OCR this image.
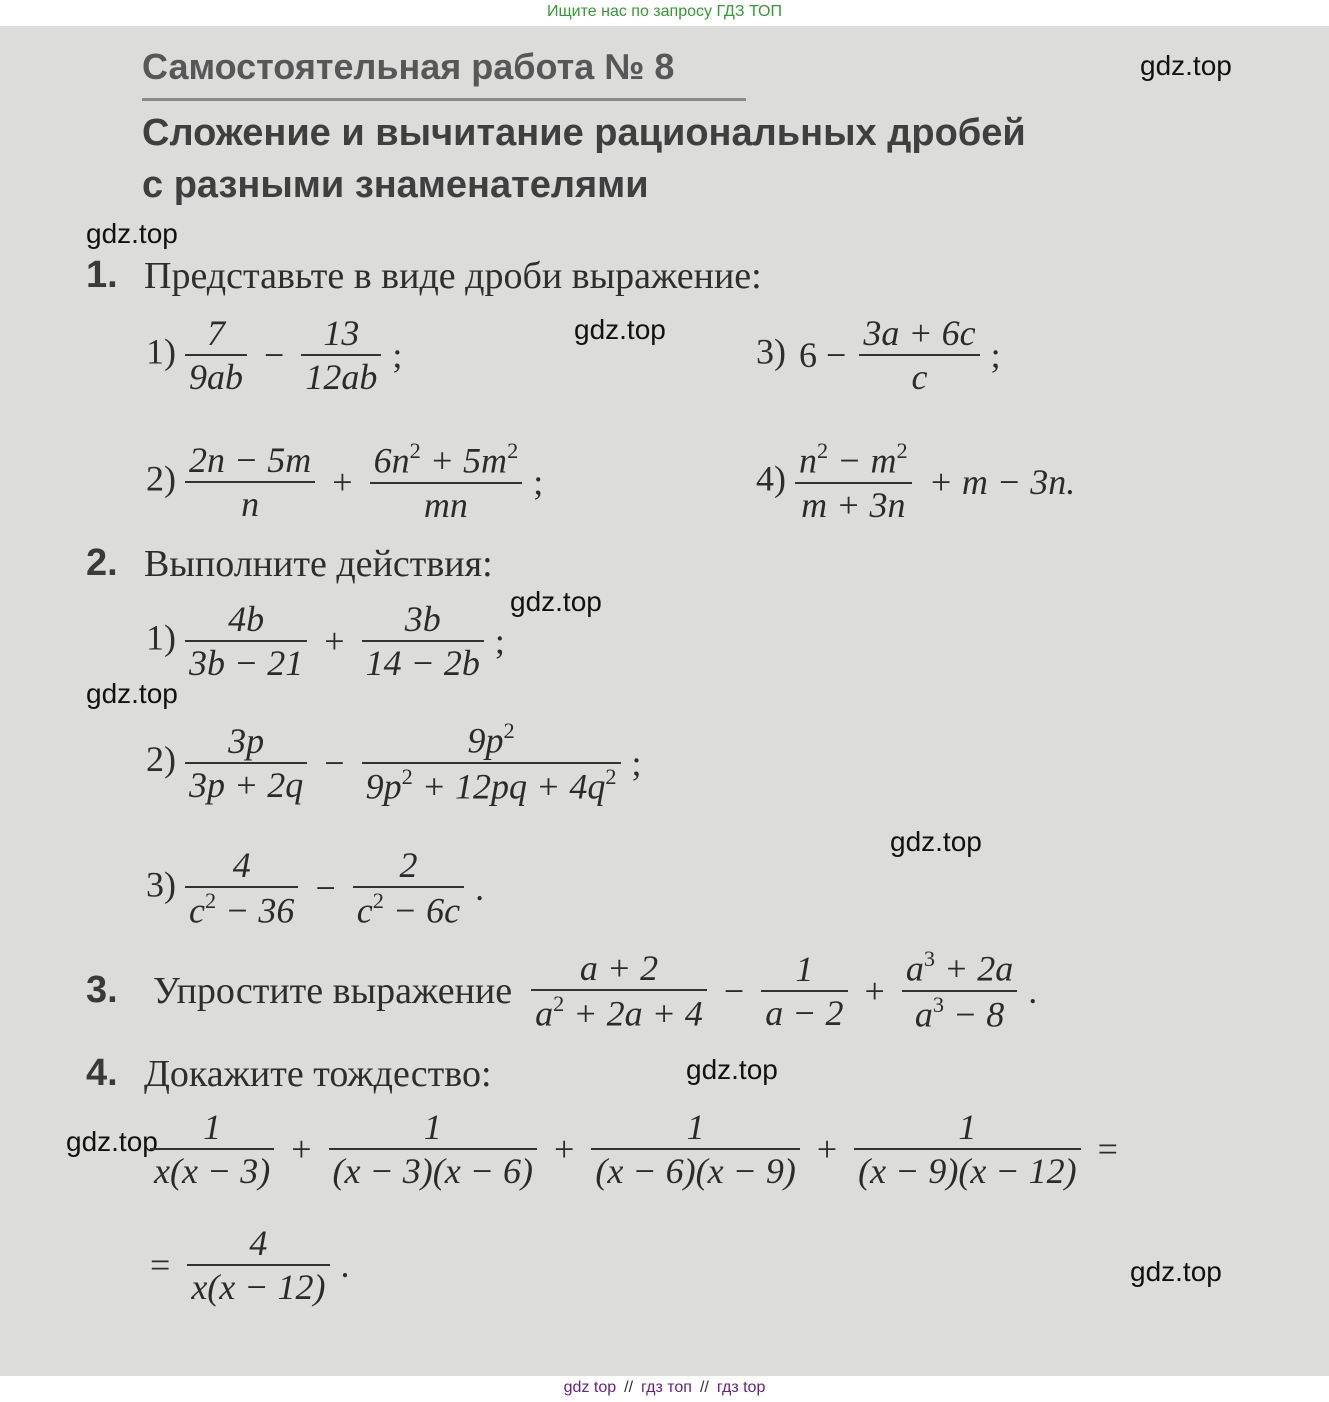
Ищите нас по запросу ГДЗ ТОП
Самостоятельная работа № 8
Сложение и вычитание рациональных дробей
с разными знаменателями
gdz.top
gdz.top
gdz.top
gdz.top
gdz.top
gdz.top
gdz.top
gdz.top
gdz.top
1. Представьте в виде дроби выражение:
$1) \frac{7}{9ab} - \frac{13}{12ab}$ ;	3) $6 - \frac{3a + 6c}{c}$ ;
$2) \frac{2n - 5m}{n} + \frac{6n^2 + 5m^2}{mn}$ ;	$4) \frac{n^2 - m^2}{m + 3n} + m - 3n$.
2. Выполните действия:
$1) \frac{4b}{3b - 21} + \frac{3b}{14 - 2b}$ ;
$2) \frac{3p}{3p + 2q} - \frac{9p^2}{9p^2 + 12pq + 4q^2}$ ;
$3) \frac{4}{c^2 - 36} - \frac{2}{c^2 - 6c}$ .
3. Упростите выражение $\frac{a + 2}{a^2 + 2a + 4} - \frac{1}{a - 2} + \frac{a^3 + 2a}{a^3 - 8}$ .
4. Докажите тождество:
$\frac{1}{x(x - 3)} + \frac{1}{(x - 3)(x - 6)} + \frac{1}{(x - 6)(x - 9)} + \frac{1}{(x - 9)(x - 12)}$ =
= $\frac{4}{x(x - 12)}$ .
gdz top // гдз топ // гдз top
